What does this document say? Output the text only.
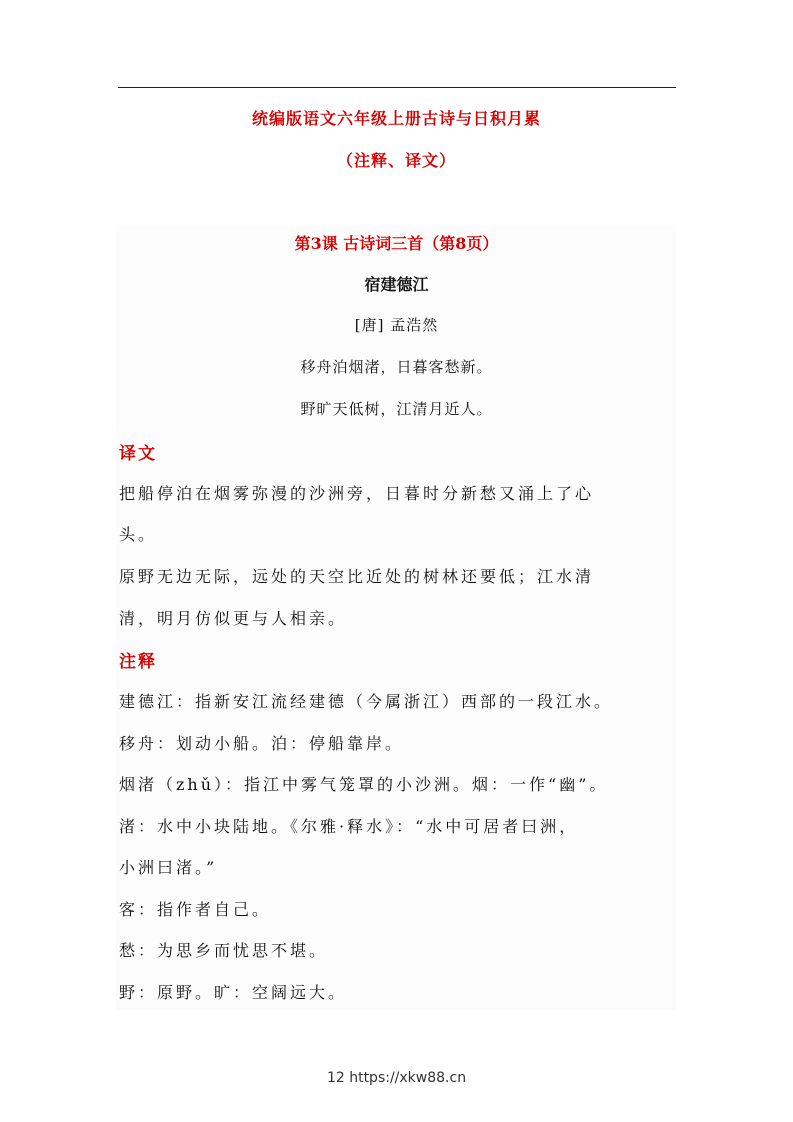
统编版语文六年级上册古诗与日积月累
（注释、译文）
第3课 古诗词三首（第8页）
宿建德江
[唐] 孟浩然
移舟泊烟渚，日暮客愁新。
野旷天低树，江清月近人。
译文
把船停泊在烟雾弥漫的沙洲旁，日暮时分新愁又涌上了心
头。
原野无边无际，远处的天空比近处的树林还要低；江水清
清，明月仿似更与人相亲。
注释
建德江：指新安江流经建德（今属浙江）西部的一段江水。
移舟：划动小船。泊：停船靠岸。
烟渚（zhǔ）：指江中雾气笼罩的小沙洲。烟：一作“幽”。
渚：水中小块陆地。《尔雅·释水》：“水中可居者曰洲，
小洲曰渚。”
客：指作者自己。
愁：为思乡而忧思不堪。
野：原野。旷：空阔远大。
12 https://xkw88.cn
